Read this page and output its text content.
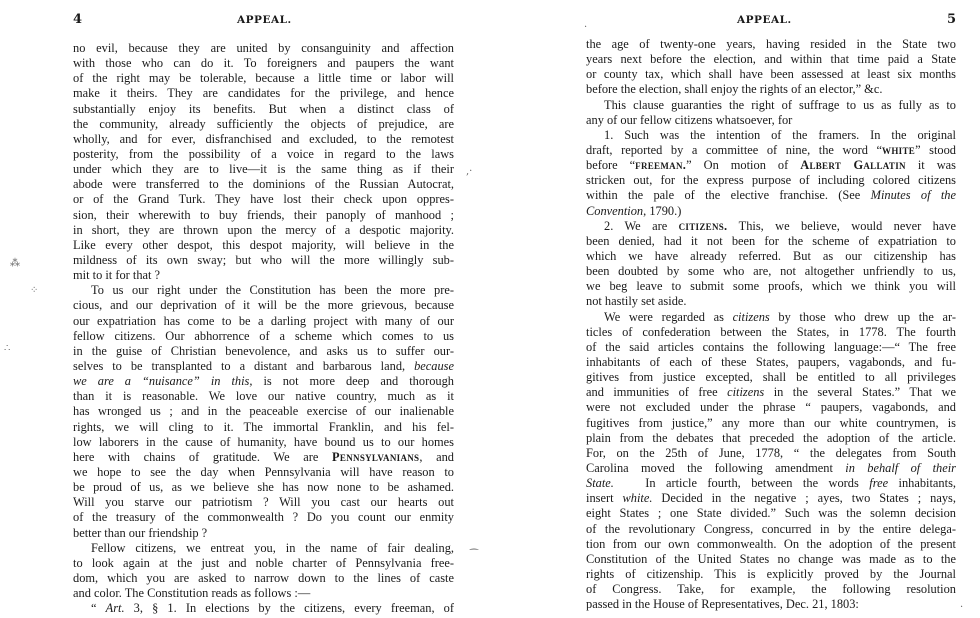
4	APPEAL.
no evil, because they are united by consanguinity and affection
with those who can do it. To foreigners and paupers the want
of the right may be tolerable, because a little time or labor will
make it theirs. They are candidates for the privilege, and hence
substantially enjoy its benefits. But when a distinct class of
the community, already sufficiently the objects of prejudice, are
wholly, and for ever, disfranchised and excluded, to the remotest
posterity, from the possibility of a voice in regard to the laws
under which they are to live—it is the same thing as if their
abode were transferred to the dominions of the Russian Autocrat,
or of the Grand Turk. They have lost their check upon oppres-
sion, their wherewith to buy friends, their panoply of manhood ;
in short, they are thrown upon the mercy of a despotic majority.
Like every other despot, this despot majority, will believe in the
mildness of its own sway; but who will the more willingly sub-
mit to it for that ?
To us our right under the Constitution has been the more pre-
cious, and our deprivation of it will be the more grievous, because
our expatriation has come to be a darling project with many of our
fellow citizens. Our abhorrence of a scheme which comes to us
in the guise of Christian benevolence, and asks us to suffer our-
selves to be transplanted to a distant and barbarous land, because
we are a “nuisance” in this, is not more deep and thorough
than it is reasonable. We love our native country, much as it
has wronged us ; and in the peaceable exercise of our inalienable
rights, we will cling to it. The immortal Franklin, and his fel-
low laborers in the cause of humanity, have bound us to our homes
here with chains of gratitude. We are Pennsylvanians, and
we hope to see the day when Pennsylvania will have reason to
be proud of us, as we believe she has now none to be ashamed.
Will you starve our patriotism ? Will you cast our hearts out
of the treasury of the commonwealth ? Do you count our enmity
better than our friendship ?
Fellow citizens, we entreat you, in the name of fair dealing,
to look again at the just and noble charter of Pennsylvania free-
dom, which you are asked to narrow down to the lines of caste
and color. The Constitution reads as follows :—
“ Art. 3, § 1. In elections by the citizens, every freeman, of
⁂
⁘
∴
,·
⁀
APPEAL.	5
the age of twenty-one years, having resided in the State two
years next before the election, and within that time paid a State
or county tax, which shall have been assessed at least six months
before the election, shall enjoy the rights of an elector,” &c.
This clause guaranties the right of suffrage to us as fully as to
any of our fellow citizens whatsoever, for
1. Such was the intention of the framers. In the original
draft, reported by a committee of nine, the word “white” stood
before “freeman.” On motion of Albert Gallatin it was
stricken out, for the express purpose of including colored citizens
within the pale of the elective franchise. (See Minutes of the
Convention, 1790.)
2. We are citizens. This, we believe, would never have
been denied, had it not been for the scheme of expatriation to
which we have already referred. But as our citizenship has
been doubted by some who are, not altogether unfriendly to us,
we beg leave to submit some proofs, which we think you will
not hastily set aside.
We were regarded as citizens by those who drew up the ar-
ticles of confederation between the States, in 1778. The fourth
of the said articles contains the following language:—“ The free
inhabitants of each of these States, paupers, vagabonds, and fu-
gitives from justice excepted, shall be entitled to all privileges
and immunities of free citizens in the several States.” That we
were not excluded under the phrase “ paupers, vagabonds, and
fugitives from justice,” any more than our white countrymen, is
plain from the debates that preceded the adoption of the article.
For, on the 25th of June, 1778, “ the delegates from South
Carolina moved the following amendment in behalf of their
State.	In article fourth, between the words free inhabitants,
insert white. Decided in the negative ; ayes, two States ; nays,
eight States ; one State divided.” Such was the solemn decision
of the revolutionary Congress, concurred in by the entire delega-
tion from our own commonwealth. On the adoption of the present
Constitution of the United States no change was made as to the
rights of citizenship. This is explicitly proved by the Journal
of Congress. Take, for example, the following resolution
passed in the House of Representatives, Dec. 21, 1803:
·
·
